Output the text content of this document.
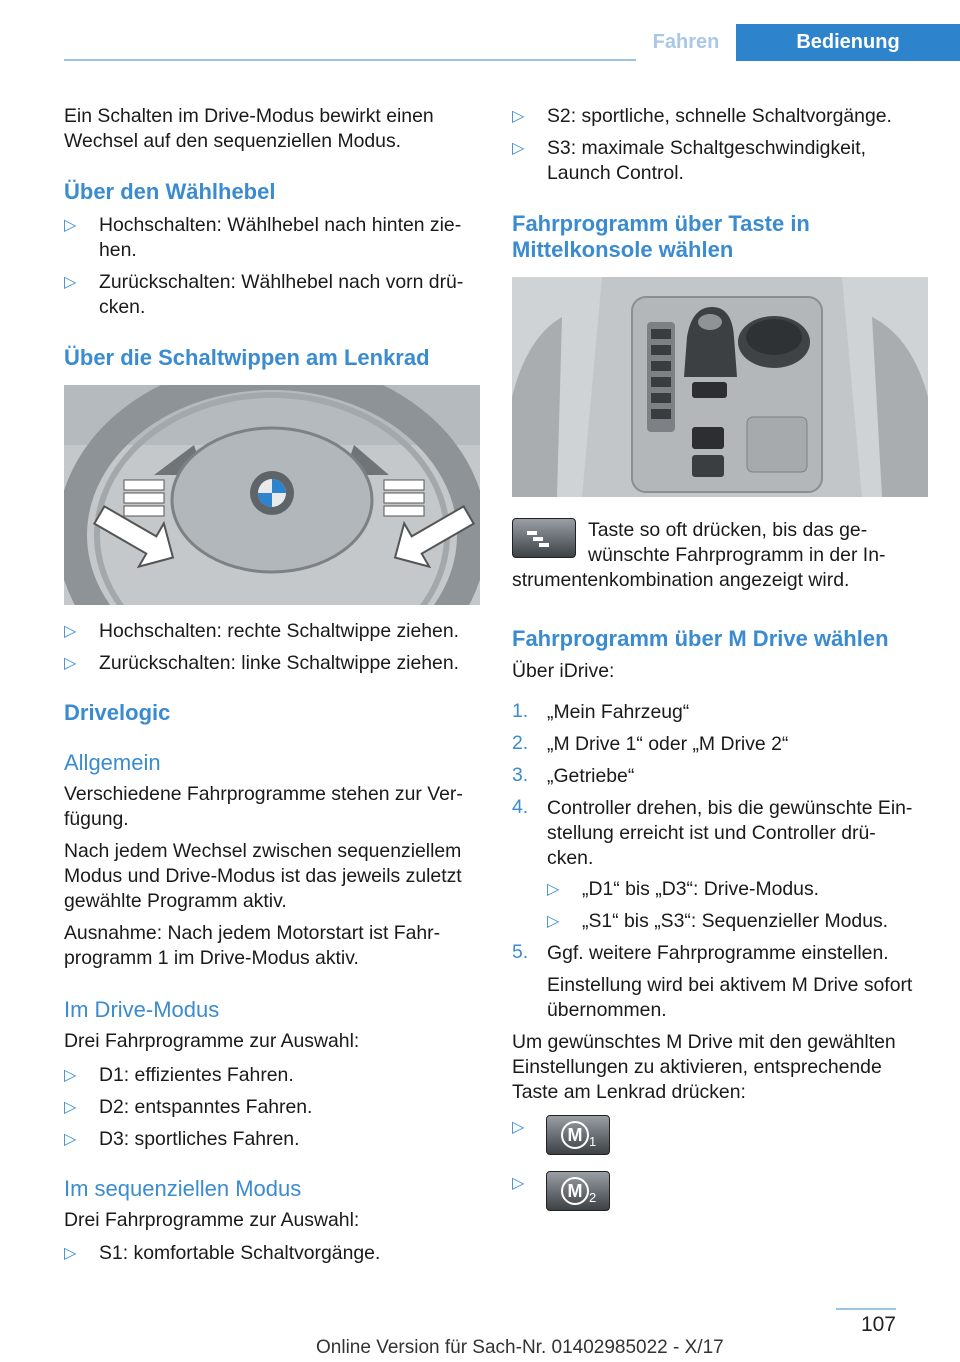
Fahren	Bedienung
Ein Schalten im Drive-Modus bewirkt einen
Wechsel auf den sequenziellen Modus.
Über den Wählhebel
▷ Hochschalten: Wählhebel nach hinten zie-
hen.
▷ Zurückschalten: Wählhebel nach vorn drü-
cken.
Über die Schaltwippen am Lenkrad
▷ Hochschalten: rechte Schaltwippe ziehen.
▷ Zurückschalten: linke Schaltwippe ziehen.
Drivelogic
Allgemein
Verschiedene Fahrprogramme stehen zur Ver-
fügung.
Nach jedem Wechsel zwischen sequenziellem
Modus und Drive-Modus ist das jeweils zuletzt
gewählte Programm aktiv.
Ausnahme: Nach jedem Motorstart ist Fahr-
programm 1 im Drive-Modus aktiv.
Im Drive-Modus
Drei Fahrprogramme zur Auswahl:
▷ D1: effizientes Fahren.
▷ D2: entspanntes Fahren.
▷ D3: sportliches Fahren.
Im sequenziellen Modus
Drei Fahrprogramme zur Auswahl:
▷ S1: komfortable Schaltvorgänge.
▷ S2: sportliche, schnelle Schaltvorgänge.
▷ S3: maximale Schaltgeschwindigkeit,
Launch Control.
Fahrprogramm über Taste in
Mittelkonsole wählen
Taste so oft drücken, bis das ge-
wünschte Fahrprogramm in der In-
strumentenkombination angezeigt wird.
Fahrprogramm über M Drive wählen
Über iDrive:
1. „Mein Fahrzeug“
2. „M Drive 1“ oder „M Drive 2“
3. „Getriebe“
4. Controller drehen, bis die gewünschte Ein-
stellung erreicht ist und Controller drü-
cken.
▷ „D1“ bis „D3“: Drive-Modus.
▷ „S1“ bis „S3“: Sequenzieller Modus.
5. Ggf. weitere Fahrprogramme einstellen.
Einstellung wird bei aktivem M Drive sofort
übernommen.
Um gewünschtes M Drive mit den gewählten
Einstellungen zu aktivieren, entsprechende
Taste am Lenkrad drücken:
▷	M 1
▷	M 2
107
Online Version für Sach-Nr. 01402985022 - X/17
